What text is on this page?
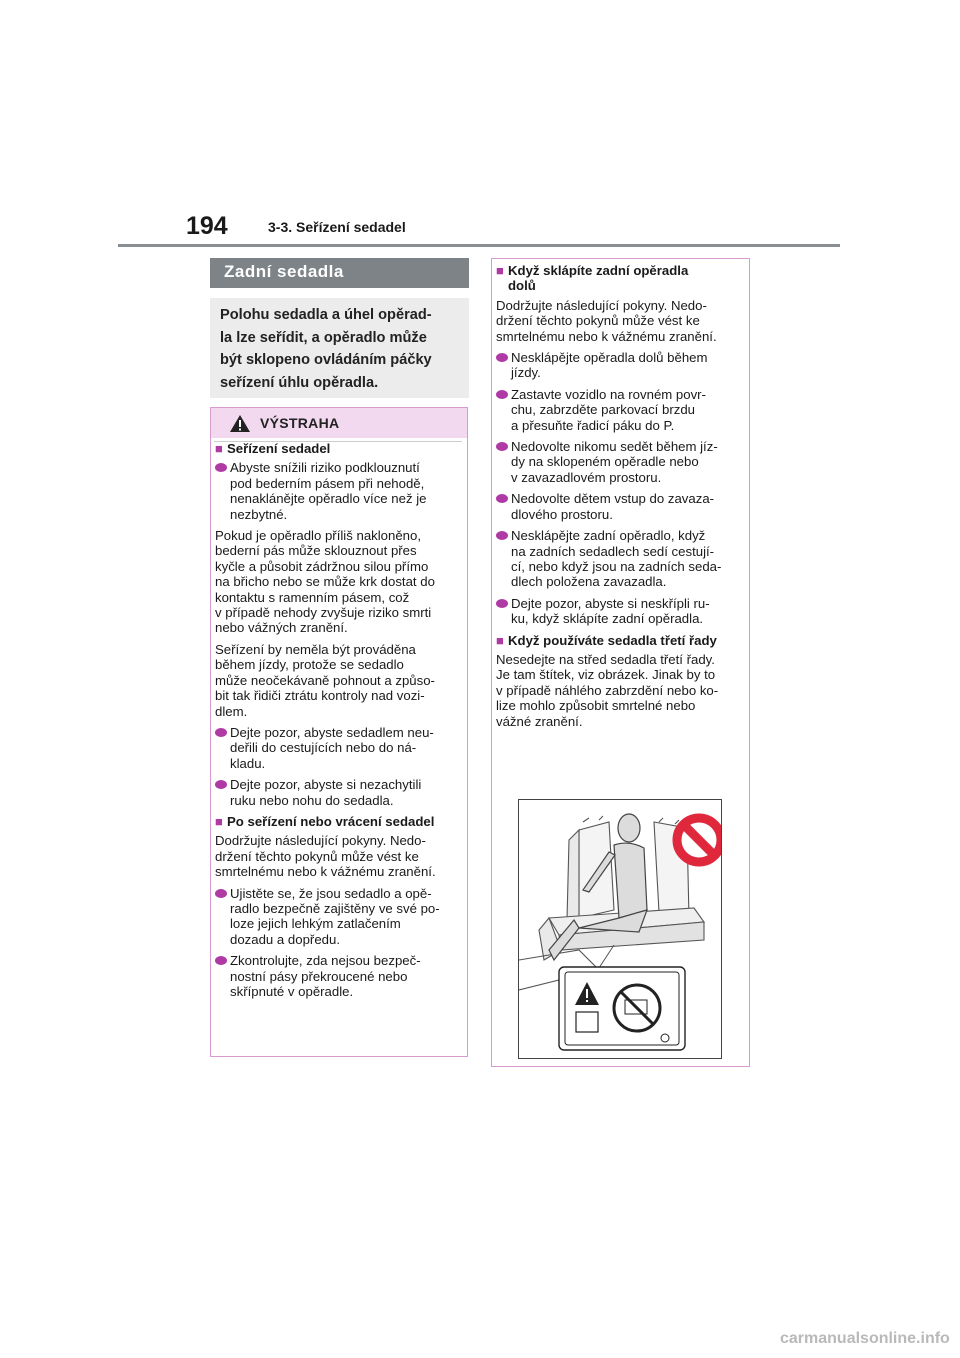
194	3-3. Seřízení sedadel
Zadní sedadla

Polohu sedadla a úhel opěrad-
la lze seřídit, a opěradlo může
být sklopeno ovládáním páčky
seřízení úhlu opěradla.

VÝSTRAHA
■ Seřízení sedadel
Abyste snížili riziko podklouznutí
pod bederním pásem při nehodě,
nenaklánějte opěradlo více než je
nezbytné.

Pokud je opěradlo příliš nakloněno,
bederní pás může sklouznout přes
kyčle a působit zádržnou silou přímo
na břicho nebo se může krk dostat do
kontaktu s ramenním pásem, což
v případě nehody zvyšuje riziko smrti
nebo vážných zranění.

Seřízení by neměla být prováděna
během jízdy, protože se sedadlo
může neočekávaně pohnout a způso-
bit tak řidiči ztrátu kontroly nad vozi-
dlem.

Dejte pozor, abyste sedadlem neu-
deřili do cestujících nebo do ná-
kladu.
Dejte pozor, abyste si nezachytili
ruku nebo nohu do sedadla.
■ Po seřízení nebo vrácení sedadel

Dodržujte následující pokyny. Nedo-
držení těchto pokynů může vést ke
smrtelnému nebo k vážnému zranění.

Ujistěte se, že jsou sedadlo a opě-
radlo bezpečně zajištěny ve své po-
loze jejich lehkým zatlačením
dozadu a dopředu.
Zkontrolujte, zda nejsou bezpeč-
nostní pásy překroucené nebo
skřípnuté v opěradle.
■ Když sklápíte zadní opěradla
dolů

Dodržujte následující pokyny. Nedo-
držení těchto pokynů může vést ke
smrtelnému nebo k vážnému zranění.

Nesklápějte opěradla dolů během
jízdy.
Zastavte vozidlo na rovném povr-
chu, zabrzděte parkovací brzdu
a přesuňte řadicí páku do P.
Nedovolte nikomu sedět během jíz-
dy na sklopeném opěradle nebo
v zavazadlovém prostoru.
Nedovolte dětem vstup do zavaza-
dlového prostoru.
Nesklápějte zadní opěradlo, když
na zadních sedadlech sedí cestují-
cí, nebo když jsou na zadních seda-
dlech položena zavazadla.
Dejte pozor, abyste si neskřípli ru-
ku, když sklápíte zadní opěradla.
■ Když používáte sedadla třetí řady

Nesedejte na střed sedadla třetí řady.
Je tam štítek, viz obrázek. Jinak by to
v případě náhlého zabrzdění nebo ko-
lize mohlo způsobit smrtelné nebo
vážné zranění.

carmanualsonline.info
